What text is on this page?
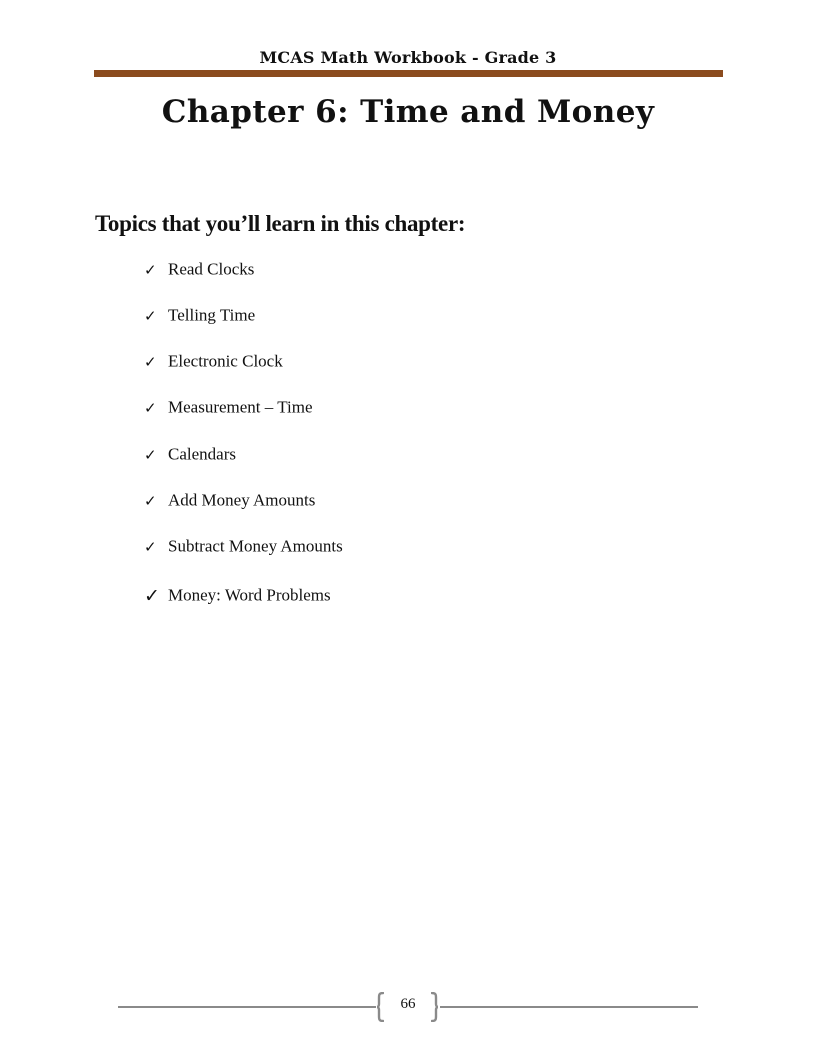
MCAS Math Workbook - Grade 3
Chapter 6: Time and Money
Topics that you’ll learn in this chapter:
✓ Read Clocks
✓ Telling Time
✓ Electronic Clock
✓ Measurement – Time
✓ Calendars
✓ Add Money Amounts
✓ Subtract Money Amounts
✓ Money: Word Problems
66
